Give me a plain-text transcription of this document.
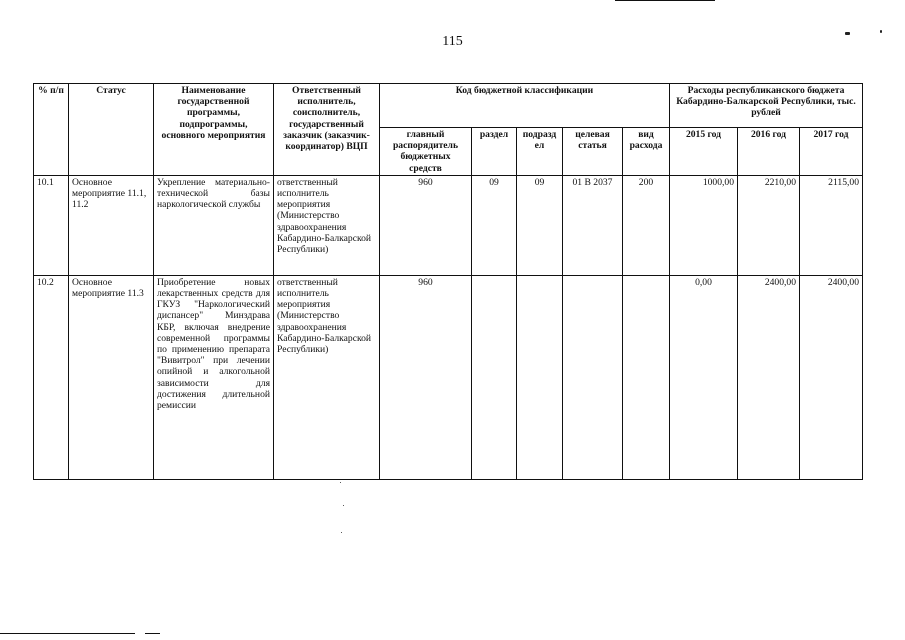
115
% п/п	Статус	Наименование государственной программы, подпрограммы, основного мероприятия	Ответственный исполнитель, соисполнитель, государственный заказчик (заказчик-координатор) ВЦП	Код бюджетной классификации					Расходы республиканского бюджета Кабардино-Балкарской Республики, тыс. рублей		
				главный распорядитель бюджетных средств	раздел	подразд ел	целевая статья	вид расхода	2015 год	2016 год	2017 год
10.1	Основное мероприятие 11.1, 11.2	Укрепление материально-технической базы наркологической службы	ответственный исполнитель мероприятия (Министерство здравоохранения Кабардино-Балкарской Республики)	960	09	09	01 В 2037	200	1000,00	2210,00	2115,00
10.2	Основное мероприятие 11.3	Приобретение новых лекарственных средств для ГКУЗ "Наркологический диспансер" Минздрава КБР, включая внедрение современной программы по применению препарата "Вивитрол" при лечении опийной и алкогольной зависимости для достижения длительной ремиссии	ответственный исполнитель мероприятия (Министерство здравоохранения Кабардино-Балкарской Республики)	960					0,00	2400,00	2400,00
